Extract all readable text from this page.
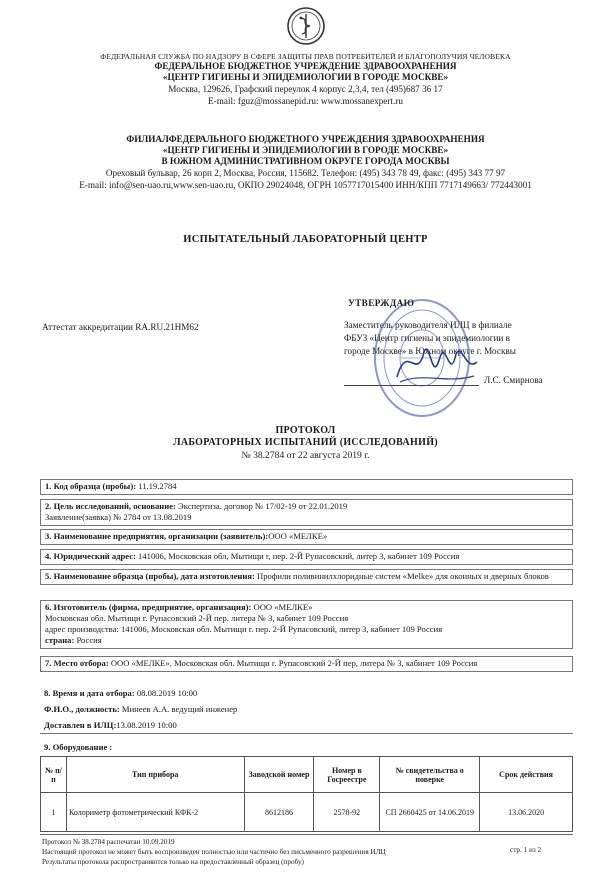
ФЕДЕРАЛЬНАЯ СЛУЖБА ПО НАДЗОРУ В СФЕРЕ ЗАЩИТЫ ПРАВ ПОТРЕБИТЕЛЕЙ И БЛАГОПОЛУЧИЯ ЧЕЛОВЕКА
ФЕДЕРАЛЬНОЕ БЮДЖЕТНОЕ УЧРЕЖДЕНИЕ ЗДРАВООХРАНЕНИЯ
«ЦЕНТР ГИГИЕНЫ И ЭПИДЕМИОЛОГИИ В ГОРОДЕ МОСКВЕ»
Москва, 129626, Графский переулок 4 корпус 2,3,4, тел (495)687 36 17
E-mail: fguz@mossanepid.ru: www.mossanexpert.ru
ФИЛИАЛФЕДЕРАЛЬНОГО БЮДЖЕТНОГО УЧРЕЖДЕНИЯ ЗДРАВООХРАНЕНИЯ
«ЦЕНТР ГИГИЕНЫ И ЭПИДЕМИОЛОГИИ В ГОРОДЕ МОСКВЕ»
В ЮЖНОМ АДМИНИСТРАТИВНОМ ОКРУГЕ ГОРОДА МОСКВЫ
Ореховый бульвар, 26 корп 2, Москва, Россия, 115682. Телефон: (495) 343 78 49, факс: (495) 343 77 97
E-mail: info@sen-uao.ru,www.sen-uao.ru, ОКПО 29024048, ОГРН 1057717015400 ИНН/КПП 7717149663/ 772443001
ИСПЫТАТЕЛЬНЫЙ ЛАБОРАТОРНЫЙ ЦЕНТР
УТВЕРЖДАЮ
Заместитель руководителя ИЛЦ в филиале
ФБУЗ «Центр гигиены и эпидемиологии в
городе Москве» в Южном округе г. Москвы
Л.С. Смирнова
Аттестат аккредитации RA.RU.21НМ62
ПРОТОКОЛ
ЛАБОРАТОРНЫХ ИСПЫТАНИЙ (ИССЛЕДОВАНИЙ)
№ 38.2784 от 22 августа 2019 г.
1. Код образца (пробы): 11.19.2784
2. Цель исследований, основание: Экспертиза. договор № 17/02-19 от 22.01.2019
Заявление(заявка) № 2784 от 13.08.2019
3. Наименование предприятия, организации (заявитель):ООО «МЕЛКЕ»
4. Юридический адрес: 141006, Московская обл, Мытищи г, пер. 2-Й Рупасовский, литер 3, кабинет 109 Россия
5. Наименование образца (пробы), дата изготовления: Профили поливинилхлоридные систем «Melke» для оконных и дверных блоков
6. Изготовитель (фирма, предприятие, организация): ООО «МЕЛКЕ»
Московская обл. Мытищи г. Рупасовский 2-Й пер. литера № 3, кабинет 109 Россия
адрес производства: 141006, Московская обл. Мытищи г. пер. 2-Й Рупасовский, литер 3, кабинет 109 Россия
страна: Россия
7. Место отбора: ООО «МЕЛКЕ», Московская обл. Мытищи г. Рупасовский 2-Й пер, литера № 3, кабинет 109 Россия
8. Время и дата отбора: 08.08.2019 10:00

Ф.И.О., должность: Минеев А.А. ведущий инженер

Доставлен в ИЛЦ:13.08.2019 10:00
9. Оборудование :
№ п/п	Тип прибора	Заводской номер	Номер в Госреестре	№ свидетельства о поверке	Срок действия
1	Колориметр фотометрический КФК-2	8612186	2578-92	СП 2660425 от 14.06.2019	13.06.2020
Протокол № 38.2784 распечатан 10.09.2019
Настоящий протокол не может быть воспроизведен полностью или частично без письменного разрешения ИЛЦ
Результаты протокола распространяются только на предоставленный образец (пробу)
стр. 1 из 2
